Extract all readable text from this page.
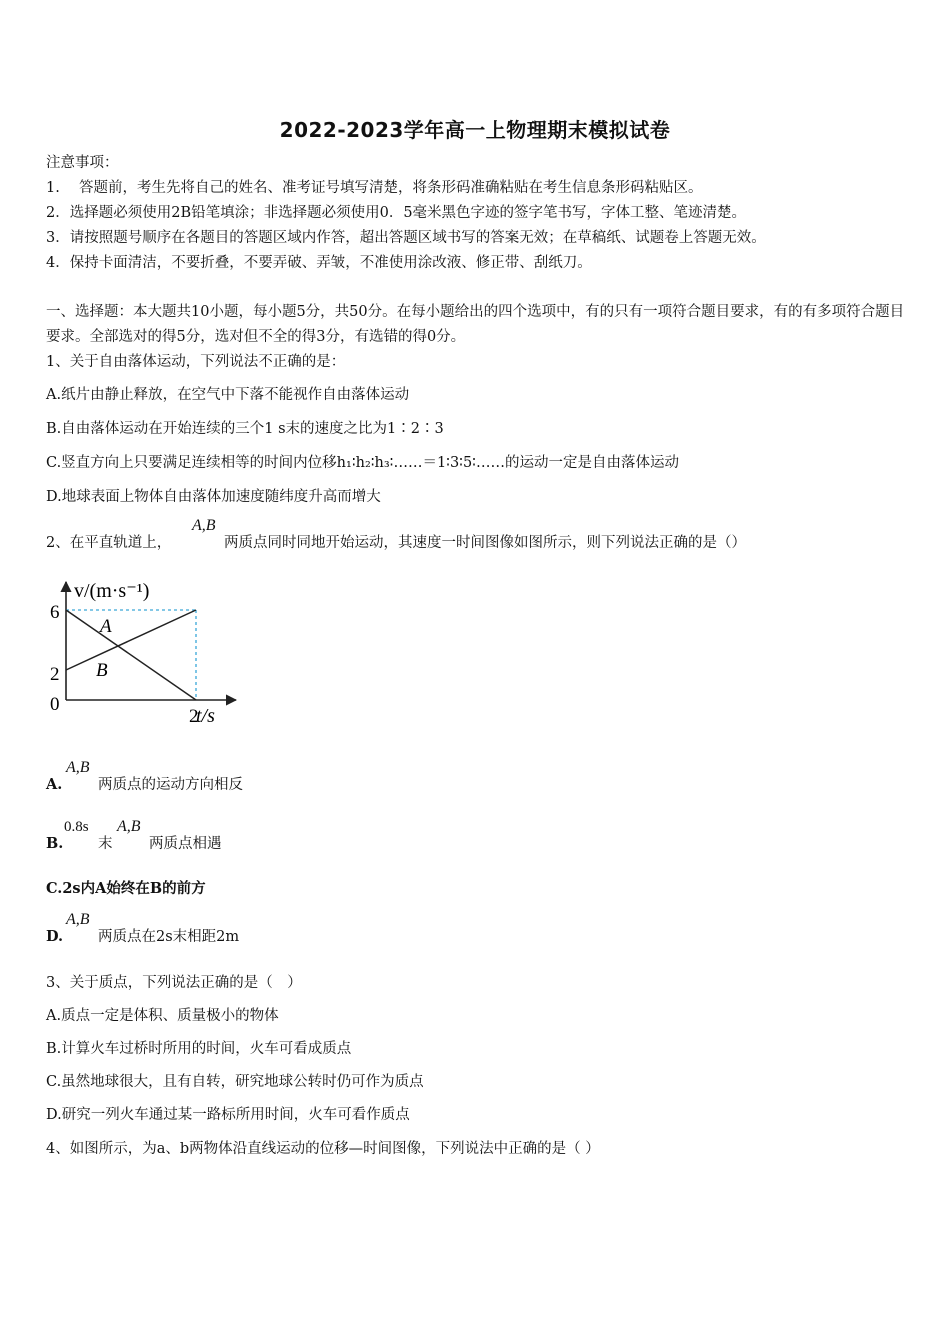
2022-2023学年高一上物理期末模拟试卷
注意事项：
1.　 答题前，考生先将自己的姓名、准考证号填写清楚，将条形码准确粘贴在考生信息条形码粘贴区。
2．选择题必须使用2B铅笔填涂；非选择题必须使用0．5毫米黑色字迹的签字笔书写，字体工整、笔迹清楚。
3．请按照题号顺序在各题目的答题区域内作答，超出答题区域书写的答案无效；在草稿纸、试题卷上答题无效。
4．保持卡面清洁，不要折叠，不要弄破、弄皱，不准使用涂改液、修正带、刮纸刀。
一、选择题：本大题共10小题，每小题5分，共50分。在每小题给出的四个选项中，有的只有一项符合题目要求，有的有多项符合题目要求。全部选对的得5分，选对但不全的得3分，有选错的得0分。
1、关于自由落体运动，下列说法不正确的是：
A.纸片由静止释放，在空气中下落不能视作自由落体运动
B.自由落体运动在开始连续的三个1 s末的速度之比为1∶2∶3
C.竖直方向上只要满足连续相等的时间内位移h₁∶h₂∶h₃∶……＝1∶3∶5∶……的运动一定是自由落体运动
D.地球表面上物体自由落体加速度随纬度升高而增大
2、在平直轨道上，
A,B
两质点同时同地开始运动，其速度一时间图像如图所示，则下列说法正确的是（）
v/(m·s⁻¹)
t/s
0
6
2
2
A
B
A.
A,B
两质点的运动方向相反
B.
0.8s
末
A,B
两质点相遇
C.2s内A始终在B的前方
D.
A,B
两质点在2s末相距2m
3、关于质点，下列说法正确的是（　）
A.质点一定是体积、质量极小的物体
B.计算火车过桥时所用的时间，火车可看成质点
C.虽然地球很大，且有自转，研究地球公转时仍可作为质点
D.研究一列火车通过某一路标所用时间，火车可看作质点
4、如图所示，为a、b两物体沿直线运动的位移—时间图像，下列说法中正确的是（ ）
